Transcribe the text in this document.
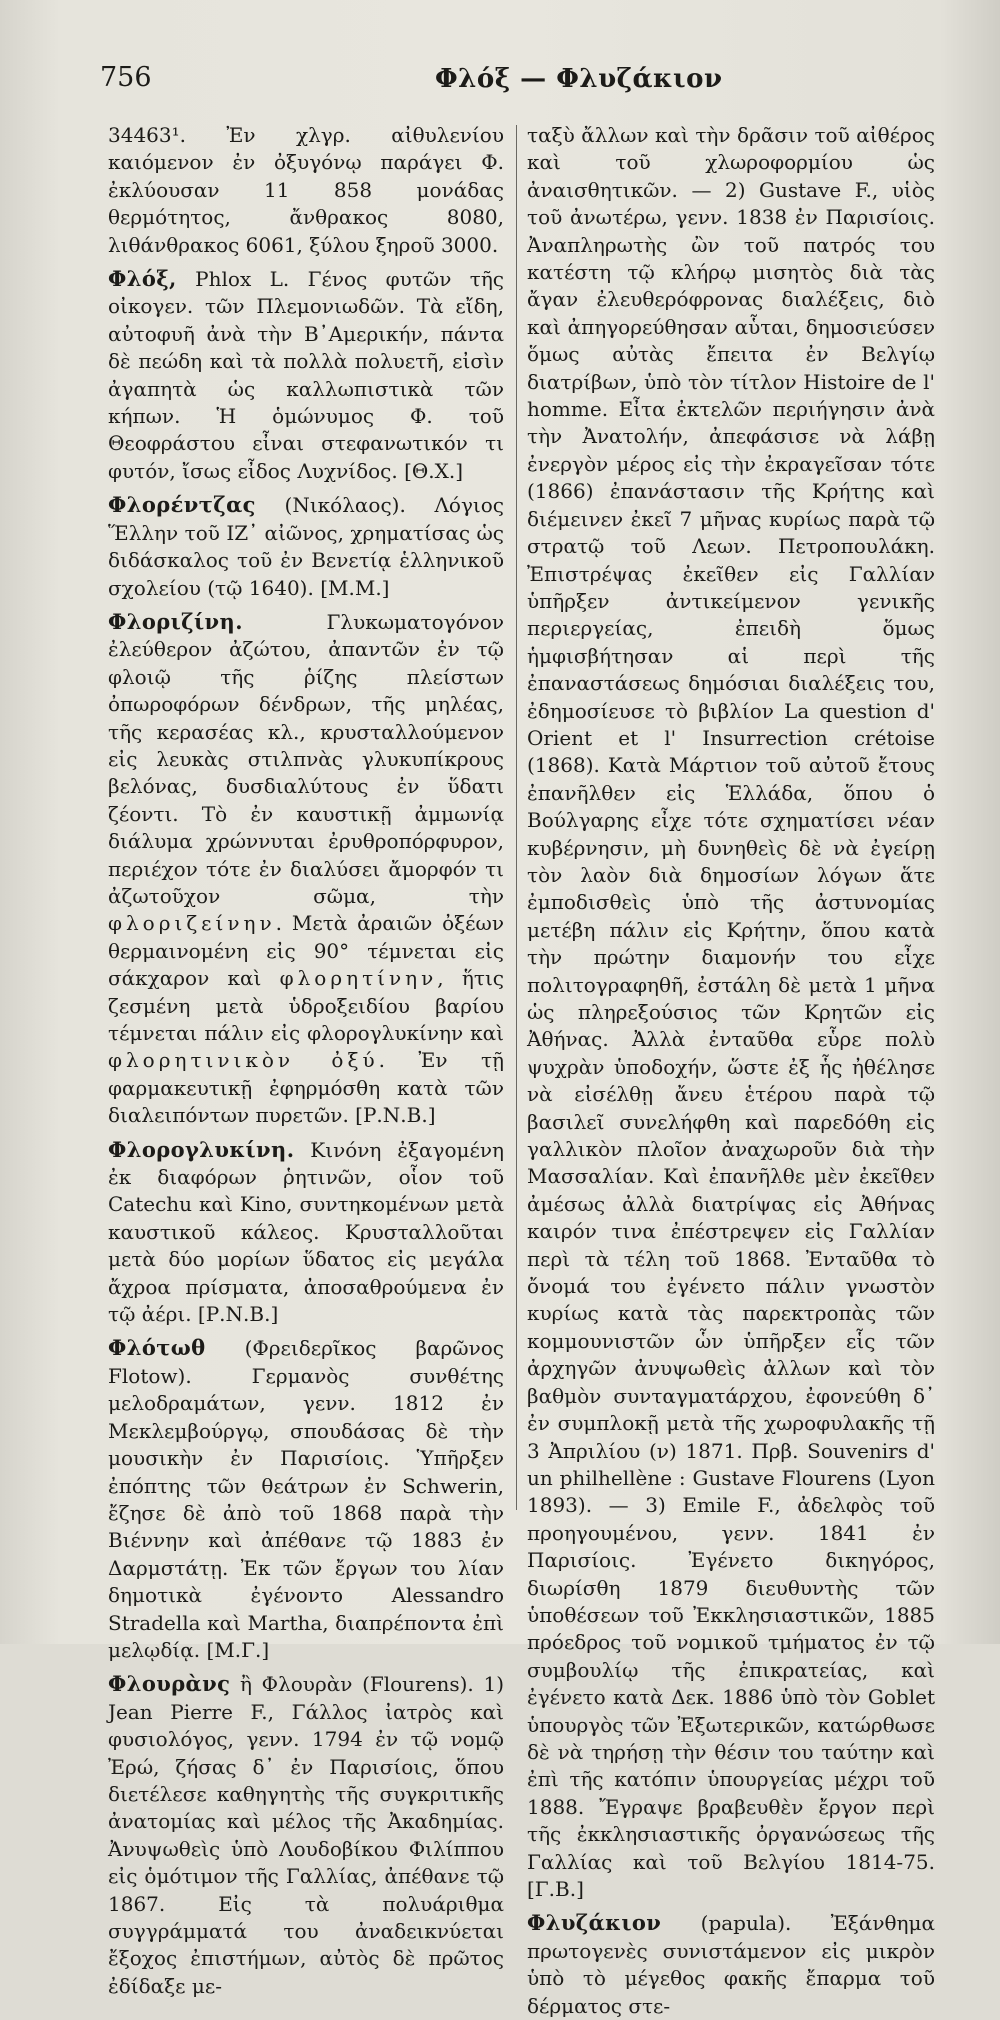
756	Φλόξ — Φλυζάκιον

34463¹. Ἐν χλγρ. αἰθυλενίου καιόμενον ἐν ὀξυγόνῳ παράγει Φ. ἐκλύουσαν 11 858 μονάδας θερμότητος, ἄνθρακος 8080, λιθάνθρακος 6061, ξύλου ξηροῦ 3000.

Φλόξ, Phlox L. Γένος φυτῶν τῆς οἰκογεν. τῶν Πλεμονιωδῶν. Τὰ εἴδη, αὐτοφυῆ ἀνὰ τὴν Β᾽Αμερικήν, πάντα δὲ πεώδη καὶ τὰ πολλὰ πολυετῆ, εἰσὶν ἀγαπητὰ ὡς καλλωπιστικὰ τῶν κήπων. Ἡ ὁμώνυμος Φ. τοῦ Θεοφράστου εἶναι στεφανωτικόν τι φυτόν, ἴσως εἶδος Λυχνίδος. [Θ.Χ.]

Φλορέντζας (Νικόλαος). Λόγιος Ἕλλην τοῦ ΙΖ᾽ αἰῶνος, χρηματίσας ὡς διδάσκαλος τοῦ ἐν Βενετίᾳ ἑλληνικοῦ σχολείου (τῷ 1640). [Μ.Μ.]

Φλοριζίνη.	Γλυκωματογόνον ἐλεύθερον ἀζώτου, ἀπαντῶν ἐν τῷ φλοιῷ τῆς ῥίζης πλείστων ὀπωροφόρων δένδρων, τῆς μηλέας, τῆς κερασέας κλ., κρυσταλλούμενον εἰς λευκὰς στιλπνὰς γλυκυπίκρους βελόνας, δυσδιαλύτους ἐν ὕδατι ζέοντι. Τὸ ἐν καυστικῇ ἀμμωνίᾳ διάλυμα χρώννυται ἐρυθροπόρφυρον, περιέχον τότε ἐν διαλύσει ἄμορφόν τι ἀζωτοῦχον σῶμα, τὴν φλοριζείνην. Μετὰ ἀραιῶν ὀξέων θερμαινομένη εἰς 90° τέμνεται εἰς σάκχαρον καὶ φλορητίνην, ἥτις ζεσμένη μετὰ ὑδροξειδίου βαρίου τέμνεται πάλιν εἰς φλορογλυκίνην καὶ φλορητινικὸν ὀξύ. Ἐν τῇ φαρμακευτικῇ ἐφηρμόσθη κατὰ τῶν διαλειπόντων πυρετῶν. [Ρ.Ν.Β.]

Φλορογλυκίνη. Κινόνη ἐξαγομένη ἐκ διαφόρων ῥητινῶν, οἷον τοῦ Catechu καὶ Kino, συντηκομένων μετὰ καυστικοῦ κάλεος. Κρυσταλλοῦται μετὰ δύο μορίων ὕδατος εἰς μεγάλα ἄχροα πρίσματα, ἀποσαθρούμενα ἐν τῷ ἀέρι. [Ρ.Ν.Β.]

Φλότωθ (Φρειδερῖκος βαρῶνος Flotow). Γερμανὸς συνθέτης μελοδραμάτων, γενν. 1812 ἐν Μεκλεμβούργῳ, σπουδάσας δὲ τὴν μουσικὴν ἐν Παρισίοις. Ὑπῆρξεν ἐπόπτης τῶν θεάτρων ἐν Schwerin, ἔζησε δὲ ἀπὸ τοῦ 1868 παρὰ τὴν Βιέννην καὶ ἀπέθανε τῷ 1883 ἐν Δαρμστάτῃ. Ἐκ τῶν ἔργων του λίαν δημοτικὰ ἐγένοντο Alessandro Stradella καὶ Martha, διαπρέποντα ἐπὶ μελῳδίᾳ. [Μ.Γ.]

Φλουρὰνς ἢ Φλουρὰν (Flourens). 1) Jean Pierre F., Γάλλος ἰατρὸς καὶ φυσιολόγος, γενν. 1794 ἐν τῷ νομῷ Ἐρώ, ζήσας δ᾽ ἐν Παρισίοις, ὅπου διετέλεσε καθηγητὴς τῆς συγκριτικῆς ἀνατομίας καὶ μέλος τῆς Ἀκαδημίας. Ἀνυψωθεὶς ὑπὸ Λουδοβίκου Φιλίππου εἰς ὁμότιμον τῆς Γαλλίας, ἀπέθανε τῷ 1867. Εἰς τὰ πολυάριθμα συγγράμματά του ἀναδεικνύεται ἔξοχος ἐπιστήμων, αὐτὸς δὲ πρῶτος ἐδίδαξε με-

ταξὺ ἄλλων καὶ τὴν δρᾶσιν τοῦ αἰθέρος καὶ τοῦ χλωροφορμίου ὡς ἀναισθητικῶν. — 2) Gustave F., υἱὸς τοῦ ἀνωτέρω, γενν. 1838 ἐν Παρισίοις. Ἀναπληρωτὴς ὢν τοῦ πατρός του κατέστη τῷ κλήρῳ μισητὸς διὰ τὰς ἄγαν ἐλευθερόφρονας διαλέξεις, διὸ καὶ ἀπηγορεύθησαν αὗται, δημοσιεύσεν ὅμως αὐτὰς ἔπειτα ἐν Βελγίῳ διατρίβων, ὑπὸ τὸν τίτλον Histoire de l' homme. Εἶτα ἐκτελῶν περιήγησιν ἀνὰ τὴν Ἀνατολήν, ἀπεφάσισε νὰ λάβῃ ἐνεργὸν μέρος εἰς τὴν ἐκραγεῖσαν τότε (1866) ἐπανάστασιν τῆς Κρήτης καὶ διέμεινεν ἐκεῖ 7 μῆνας κυρίως παρὰ τῷ στρατῷ τοῦ Λεων. Πετροπουλάκη. Ἐπιστρέψας ἐκεῖθεν εἰς Γαλλίαν ὑπῆρξεν ἀντικείμενον γενικῆς περιεργείας, ἐπειδὴ ὅμως ἡμφισβήτησαν αἱ περὶ τῆς ἐπαναστάσεως δημόσιαι διαλέξεις του, ἐδημοσίευσε τὸ βιβλίον La question d' Orient et l' Insurrection crétoise (1868). Κατὰ Μάρτιον τοῦ αὐτοῦ ἔτους ἐπανῆλθεν εἰς Ἑλλάδα, ὅπου ὁ Βούλγαρης εἶχε τότε σχηματίσει νέαν κυβέρνησιν, μὴ δυνηθεὶς δὲ νὰ ἐγείρῃ τὸν λαὸν διὰ δημοσίων λόγων ἅτε ἐμποδισθεὶς ὑπὸ τῆς ἀστυνομίας μετέβη πάλιν εἰς Κρήτην, ὅπου κατὰ τὴν πρώτην διαμονήν του εἶχε πολιτογραφηθῆ, ἐστάλη δὲ μετὰ 1 μῆνα ὡς πληρεξούσιος τῶν Κρητῶν εἰς Ἀθήνας. Ἀλλὰ ἐνταῦθα εὗρε πολὺ ψυχρὰν ὑποδοχήν, ὥστε ἐξ ἧς ἠθέλησε νὰ εἰσέλθῃ ἄνευ ἑτέρου παρὰ τῷ βασιλεῖ συνελήφθη καὶ παρεδόθη εἰς γαλλικὸν πλοῖον ἀναχωροῦν διὰ τὴν Μασσαλίαν. Καὶ ἐπανῆλθε μὲν ἐκεῖθεν ἀμέσως ἀλλὰ διατρίψας εἰς Ἀθήνας καιρόν τινα ἐπέστρεψεν εἰς Γαλλίαν περὶ τὰ τέλη τοῦ 1868. Ἐνταῦθα τὸ ὄνομά του ἐγένετο πάλιν γνωστὸν κυρίως κατὰ τὰς παρεκτροπὰς τῶν κομμουνιστῶν ὧν ὑπῆρξεν εἷς τῶν ἀρχηγῶν ἀνυψωθεὶς ἀλλων καὶ τὸν βαθμὸν συνταγματάρχου, ἐφονεύθη δ᾽ ἐν συμπλοκῇ μετὰ τῆς χωροφυλακῆς τῇ 3 Ἀπριλίου (ν) 1871. Πρβ. Souvenirs d' un philhellène : Gustave Flourens (Lyon 1893). — 3) Emile F., ἀδελφὸς τοῦ προηγουμένου, γενν. 1841 ἐν Παρισίοις. Ἐγένετο δικηγόρος, διωρίσθη 1879 διευθυντὴς τῶν ὑποθέσεων τοῦ Ἐκκλησιαστικῶν, 1885 πρόεδρος τοῦ νομικοῦ τμήματος ἐν τῷ συμβουλίῳ τῆς ἐπικρατείας, καὶ ἐγένετο κατὰ Δεκ. 1886 ὑπὸ τὸν Goblet ὑπουργὸς τῶν Ἐξωτερικῶν, κατώρθωσε δὲ νὰ τηρήσῃ τὴν θέσιν του ταύτην καὶ ἐπὶ τῆς κατόπιν ὑπουργείας μέχρι τοῦ 1888. Ἔγραψε βραβευθὲν ἔργον περὶ τῆς ἐκκλησιαστικῆς ὀργανώσεως τῆς Γαλλίας καὶ τοῦ Βελγίου 1814-75. [Γ.Β.]

Φλυζάκιον (papula). Ἐξάνθημα πρωτογενὲς συνιστάμενον εἰς μικρὸν ὑπὸ τὸ μέγεθος φακῆς ἔπαρμα τοῦ δέρματος στε-
